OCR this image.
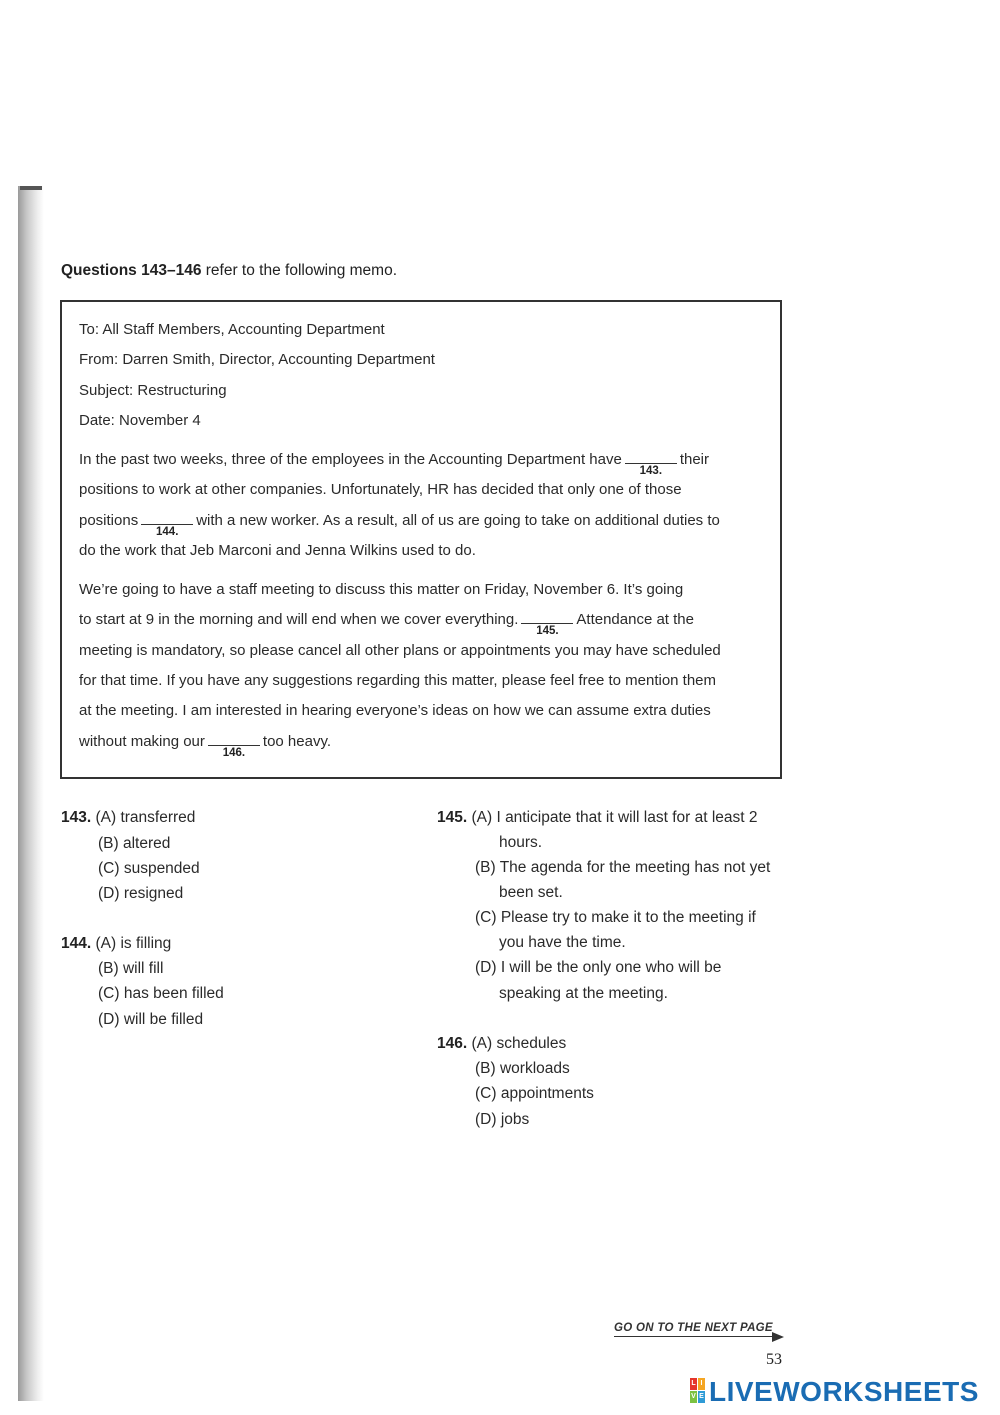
Questions 143–146 refer to the following memo.
To: All Staff Members, Accounting Department
From: Darren Smith, Director, Accounting Department
Subject: Restructuring
Date: November 4
In the past two weeks, three of the employees in the Accounting Department have
143.
their
positions to work at other companies. Unfortunately, HR has decided that only one of those
positions
144.
with a new worker. As a result, all of us are going to take on additional duties to
do the work that Jeb Marconi and Jenna Wilkins used to do.
We’re going to have a staff meeting to discuss this matter on Friday, November 6. It’s going
to start at 9 in the morning and will end when we cover everything.
145.
Attendance at the
meeting is mandatory, so please cancel all other plans or appointments you may have scheduled
for that time. If you have any suggestions regarding this matter, please feel free to mention them
at the meeting. I am interested in hearing everyone’s ideas on how we can assume extra duties
without making our
146.
too heavy.
143. (A) transferred
(B) altered
(C) suspended
(D) resigned
144. (A) is filling
(B) will fill
(C) has been filled
(D) will be filled
145. (A) I anticipate that it will last for at least 2
hours.
(B) The agenda for the meeting has not yet
been set.
(C) Please try to make it to the meeting if
you have the time.
(D) I will be the only one who will be
speaking at the meeting.
146. (A) schedules
(B) workloads
(C) appointments
(D) jobs
GO ON TO THE NEXT PAGE
53
L I
V E LIVEWORKSHEETS
